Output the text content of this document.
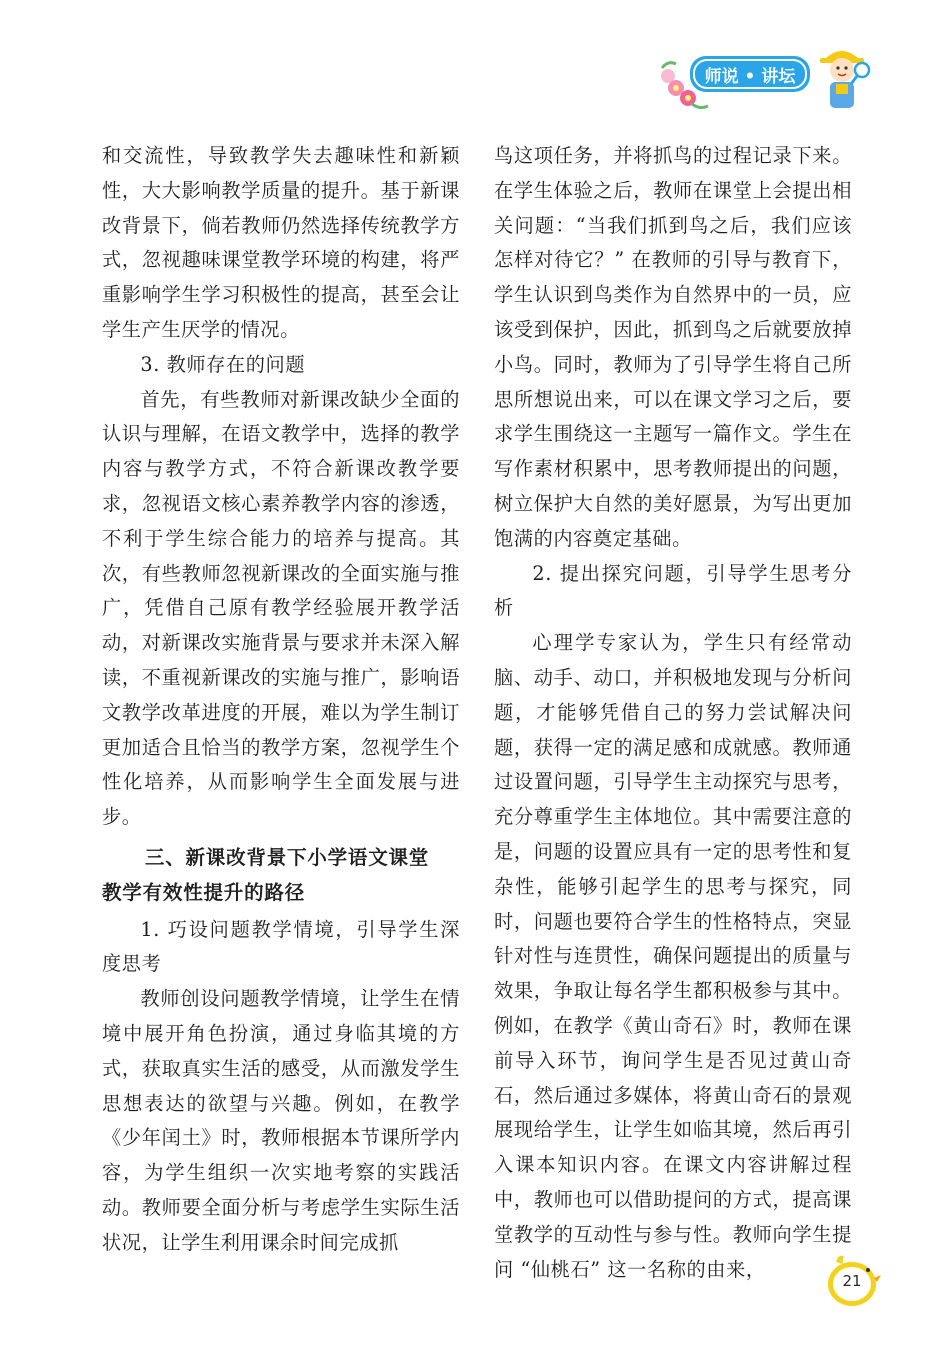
师说 • 讲坛

和交流性，导致教学失去趣味性和新颖性，大大影响教学质量的提升。基于新课改背景下，倘若教师仍然选择传统教学方式，忽视趣味课堂教学环境的构建，将严重影响学生学习积极性的提高，甚至会让学生产生厌学的情况。

3. 教师存在的问题

首先，有些教师对新课改缺少全面的认识与理解，在语文教学中，选择的教学内容与教学方式，不符合新课改教学要求，忽视语文核心素养教学内容的渗透，不利于学生综合能力的培养与提高。其次，有些教师忽视新课改的全面实施与推广，凭借自己原有教学经验展开教学活动，对新课改实施背景与要求并未深入解读，不重视新课改的实施与推广，影响语文教学改革进度的开展，难以为学生制订更加适合且恰当的教学方案，忽视学生个性化培养，从而影响学生全面发展与进步。

三、新课改背景下小学语文课堂
教学有效性提升的路径

1. 巧设问题教学情境，引导学生深度思考

教师创设问题教学情境，让学生在情境中展开角色扮演，通过身临其境的方式，获取真实生活的感受，从而激发学生思想表达的欲望与兴趣。例如，在教学《少年闰土》时，教师根据本节课所学内容，为学生组织一次实地考察的实践活动。教师要全面分析与考虑学生实际生活状况，让学生利用课余时间完成抓

鸟这项任务，并将抓鸟的过程记录下来。在学生体验之后，教师在课堂上会提出相关问题：“当我们抓到鸟之后，我们应该怎样对待它？” 在教师的引导与教育下，学生认识到鸟类作为自然界中的一员，应该受到保护，因此，抓到鸟之后就要放掉小鸟。同时，教师为了引导学生将自己所思所想说出来，可以在课文学习之后，要求学生围绕这一主题写一篇作文。学生在写作素材积累中，思考教师提出的问题，树立保护大自然的美好愿景，为写出更加饱满的内容奠定基础。

2. 提出探究问题，引导学生思考分析

心理学专家认为，学生只有经常动脑、动手、动口，并积极地发现与分析问题，才能够凭借自己的努力尝试解决问题，获得一定的满足感和成就感。教师通过设置问题，引导学生主动探究与思考，充分尊重学生主体地位。其中需要注意的是，问题的设置应具有一定的思考性和复杂性，能够引起学生的思考与探究，同时，问题也要符合学生的性格特点，突显针对性与连贯性，确保问题提出的质量与效果，争取让每名学生都积极参与其中。例如，在教学《黄山奇石》时，教师在课前导入环节，询问学生是否见过黄山奇石，然后通过多媒体，将黄山奇石的景观展现给学生，让学生如临其境，然后再引入课本知识内容。在课文内容讲解过程中，教师也可以借助提问的方式，提高课堂教学的互动性与参与性。教师向学生提问 “仙桃石” 这一名称的由来，

21
